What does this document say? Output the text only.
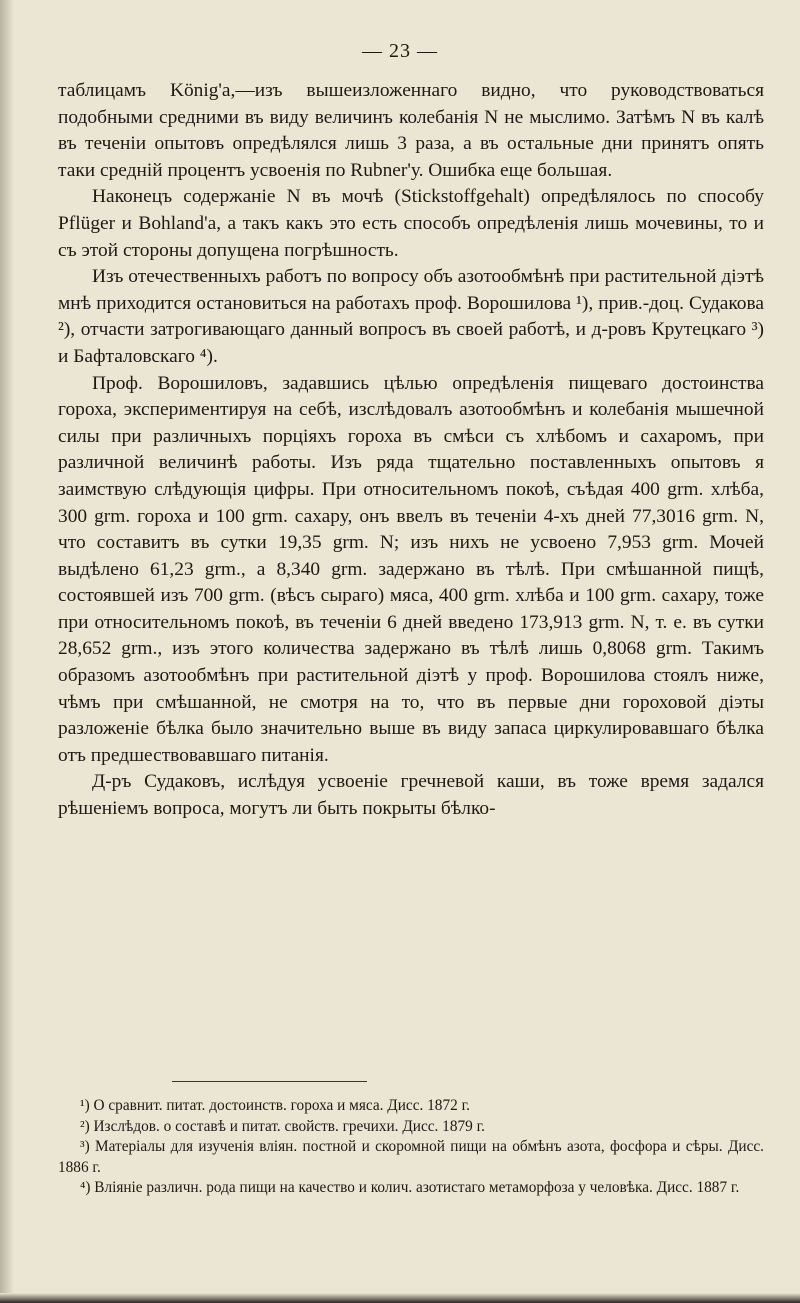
— 23 —

таблицамъ König'а,—изъ вышеизложеннаго видно, что руководствоваться подобными средними въ виду величинъ колебанія N не мыслимо. Затѣмъ N въ калѣ въ теченіи опытовъ опредѣлялся лишь 3 раза, а въ остальные дни принятъ опять таки среднiй процентъ усвоенія по Rubner'у. Ошибка еще большая.

Наконецъ содержаніе N въ мочѣ (Stickstoffgehalt) опредѣлялось по способу Pflüger и Bohland'а, а такъ какъ это есть способъ опредѣленія лишь мочевины, то и съ этой стороны допущена погрѣшность.

Изъ отечественныхъ работъ по вопросу объ азотообмѣнѣ при растительной діэтѣ мнѣ приходится остановиться на работахъ проф. Ворошилова ¹), прив.-доц. Судакова ²), отчасти затрогивающаго данный вопросъ въ своей работѣ, и д-ровъ Крутецкаго ³) и Бафталовскаго ⁴).

Проф. Ворошиловъ, задавшись цѣлью опредѣленія пищеваго достоинства гороха, экспериментируя на себѣ, изслѣдовалъ азотообмѣнъ и колебанія мышечной силы при различныхъ порціяхъ гороха въ смѣси съ хлѣбомъ и сахаромъ, при различной величинѣ работы. Изъ ряда тщательно поставленныхъ опытовъ я заимствую слѣдующія цифры. При относительномъ покоѣ, съѣдая 400 grm. хлѣба, 300 grm. гороха и 100 grm. сахару, онъ ввелъ въ теченіи 4-хъ дней 77,3016 grm. N, что составитъ въ сутки 19,35 grm. N; изъ нихъ не усвоено 7,953 grm. Мочей выдѣлено 61,23 grm., а 8,340 grm. задержано въ тѣлѣ. При смѣшанной пищѣ, состоявшей изъ 700 grm. (вѣсъ сыраго) мяса, 400 grm. хлѣба и 100 grm. сахару, тоже при относительномъ покоѣ, въ теченіи 6 дней введено 173,913 grm. N, т. е. въ сутки 28,652 grm., изъ этого количества задержано въ тѣлѣ лишь 0,8068 grm. Такимъ образомъ азотообмѣнъ при растительной діэтѣ у проф. Ворошилова стоялъ ниже, чѣмъ при смѣшанной, не смотря на то, что въ первые дни гороховой діэты разложеніе бѣлка было значительно выше въ виду запаса циркулировавшаго бѣлка отъ предшествовавшаго питанія.

Д-ръ Судаковъ, ислѣдуя усвоеніе гречневой каши, въ тоже время задался рѣшеніемъ вопроса, могутъ ли быть покрыты бѣлко-

¹) О сравнит. питат. достоинств. гороха и мяса. Дисс. 1872 г.

²) Изслѣдов. о составѣ и питат. свойств. гречихи. Дисс. 1879 г.

³) Матеріалы для изученія вліян. постной и скоромной пищи на обмѣнъ азота, фосфора и сѣры. Дисс. 1886 г.

⁴) Вліяніе различн. рода пищи на качество и колич. азотистаго метаморфоза у человѣка. Дисс. 1887 г.
